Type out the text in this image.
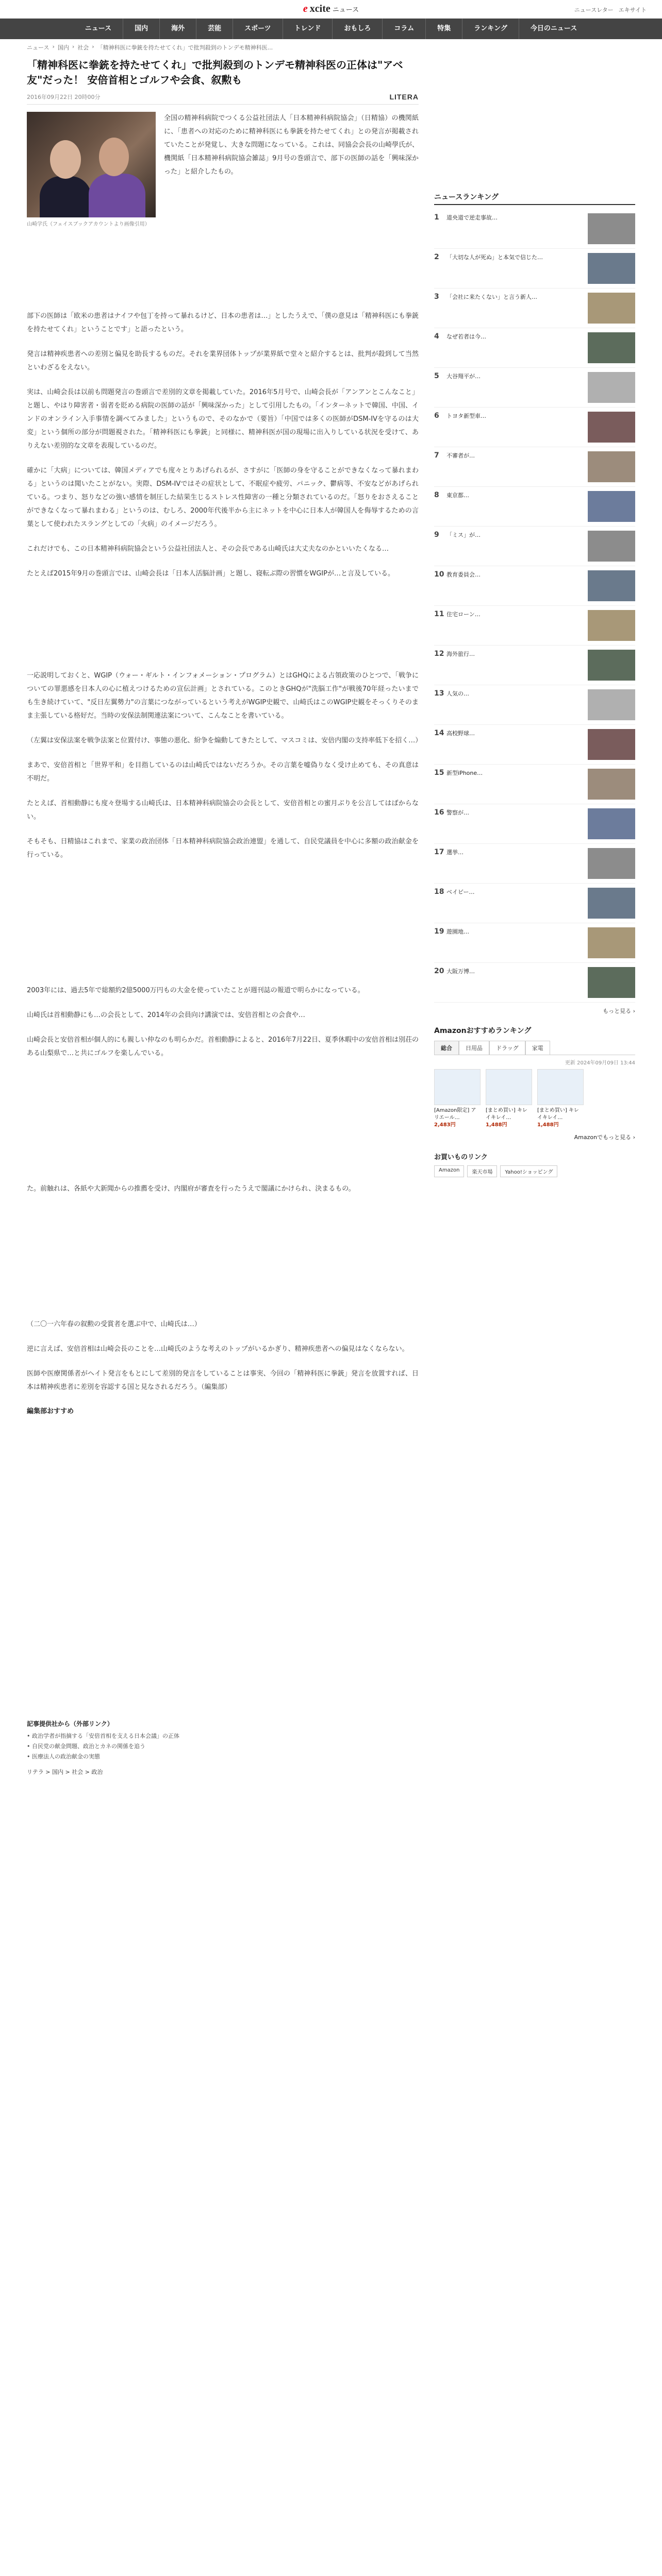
e xcite ニュース	ニュースレター エキサイト
ニュース	国内	海外	芸能	スポーツ	トレンド	おもしろ	コラム	特集	ランキング	今日のニュース
ニュース › 国内 › 社会 › 「精神科医に拳銃を持たせてくれ」で批判殺到のトンデモ精神科医...
「精神科医に拳銃を持たせてくれ」で批判殺到のトンデモ精神科医の正体は"アベ友"だった！ 安倍首相とゴルフや会食、叙勲も
2016年09月22日 20時00分	LITERA
山崎学氏（フェイスブックアカウントより画像引用）

全国の精神科病院でつくる公益社団法人「日本精神科病院協会」（日精協）の機関紙に、「患者への対応のために精神科医にも拳銃を持たせてくれ」との発言が掲載されていたことが発覚し、大きな問題になっている。これは、同協会会長の山崎學氏が、機関紙「日本精神科病院協会雑誌」9月号の巻頭言で、部下の医師の話を「興味深かった」と紹介したもの。

部下の医師は「欧米の患者はナイフや包丁を持って暴れるけど、日本の患者は…」としたうえで、「僕の意見は「精神科医にも拳銃を持たせてくれ」ということです」と語ったという。

発言は精神疾患者への差別と偏見を助長するものだ。それを業界団体トップが業界紙で堂々と紹介するとは、批判が殺到して当然といわざるをえない。

実は、山崎会長は以前も問題発言の巻頭言で差別的文章を掲載していた。2016年5月号で、山崎会長が「アンアンとこんなこと」と題し、やはり障害者・弱者を貶める病院の医師の話が「興味深かった」として引用したもの。「インターネットで韓国、中国、インドのオンライン入手事情を調べてみました」というもので、そのなかで（要旨）「中国では多くの医師がDSM-IVを守るのは大変」という個所の部分が問題視された。「精神科医にも拳銃」と同様に、精神科医が国の現場に出入りしている状況を受けて、ありえない差別的な文章を表現しているのだ。

確かに「大病」については、韓国メディアでも度々とりあげられるが、さすがに「医師の身を守ることができなくなって暴れまわる」というのは聞いたことがない。実際、DSM-IVではその症状として、不眠症や疲労、パニック、鬱病等、不安などがあげられている。つまり、怒りなどの強い感情を制圧した結果生じるストレス性障害の一種と分類されているのだ。「怒りをおさえることができなくなって暴れまわる」というのは、むしろ、2000年代後半から主にネットを中心に日本人が韓国人を侮辱するための言葉として使われたスラングとしての「火病」のイメージだろう。

これだけでも、この日本精神科病院協会という公益社団法人と、その会長である山崎氏は大丈夫なのかといいたくなる…

たとえば2015年9月の巻頭言では、山崎会長は「日本人活脳計画」と題し、寝転ぶ際の習慣をWGIPが…と言及している。

一応説明しておくと、WGIP（ウォー・ギルト・インフォメーション・プログラム）とはGHQによる占領政策のひとつで、「戦争についての罪悪感を日本人の心に植えつけるための宣伝計画」とされている。このときGHQが"洗脳工作"が戦後70年経ったいまでも生き続けていて、"反日左翼勢力"の言葉につながっているという考えがWGIP史観で、山崎氏はこのWGIP史観をそっくりそのまま主張している格好だ。当時の安保法制関連法案について、こんなことを書いている。

（左翼は安保法案を戦争法案と位置付け、事態の悪化、紛争を煽動してきたとして、マスコミは、安倍内閣の支持率低下を招く…）

まあで、安倍首相と「世界平和」を目指しているのは山崎氏ではないだろうか。その言葉を嘘偽りなく受け止めても、その真意は不明だ。

たとえば、首相動静にも度々登場する山崎氏は、日本精神科病院協会の会長として、安倍首相との蜜月ぶりを公言してはばからない。

そもそも、日精協はこれまで、家業の政治団体「日本精神科病院協会政治連盟」を通して、自民党議員を中心に多額の政治献金を行っている。

2003年には、過去5年で総額約2億5000万円もの大金を使っていたことが週刊誌の報道で明らかになっている。

山崎氏は首相動静にも…の会長として、2014年の会員向け講演では、安倍首相との会食や…

山崎会長と安倍首相が個人的にも親しい仲なのも明らかだ。首相動静によると、2016年7月22日、夏季休暇中の安倍首相は別荘のある山梨県で…と共にゴルフを楽しんでいる。

た。前触れは、各紙や大新聞からの推薦を受け、内閣府が審査を行ったうえで閣議にかけられ、決まるもの。

（二〇一六年春の叙勲の受賞者を選ぶ中で、山崎氏は…）

逆に言えば、安倍首相は山崎会長のことを…山崎氏のような考えのトップがいるかぎり、精神疾患者への偏見はなくならない。

医師や医療関係者がヘイト発言をもとにして差別的発言をしていることは事実、今回の「精神科医に拳銃」発言を放置すれば、日本は精神疾患者に差別を容認する国と見なされるだろう。（編集部）

編集部おすすめ
記事提供社から（外部リンク）
• 政治学者が指摘する「安倍首相を支える日本会議」の正体
• 自民党の献金問題、政治とカネの関係を追う
• 医療法人の政治献金の実態
リテラ > 国内 > 社会 > 政治
ニュースランキング
1	道央道で逆走事故…
2	「大切な人が死ぬ」と本気で信じた…
3	「会社に来たくない」と言う新人…
4	なぜ若者は今…
5	大谷翔平が…
6	トヨタ新型車…
7	不審者が…
8	東京都…
9	「ミス」が…
10 教育委員会…
11 住宅ローン…
12 海外旅行…
13 人気の…
14 高校野球…
15 新型iPhone…
16 警察が…
17 選挙…
18 ベイビー…
19 遊園地…
20 大阪万博…
もっと見る ›
Amazonおすすめランキング
総合	日用品	ドラッグ	家電
更新 2024年09月09日 13:44
[Amazon限定] アリエール…
2,483円
[まとめ買い] キレイキレイ…
1,488円
[まとめ買い] キレイキレイ…
1,488円
Amazonでもっと見る ›
お買いものリンク
Amazon	楽天市場	Yahoo!ショッピング
